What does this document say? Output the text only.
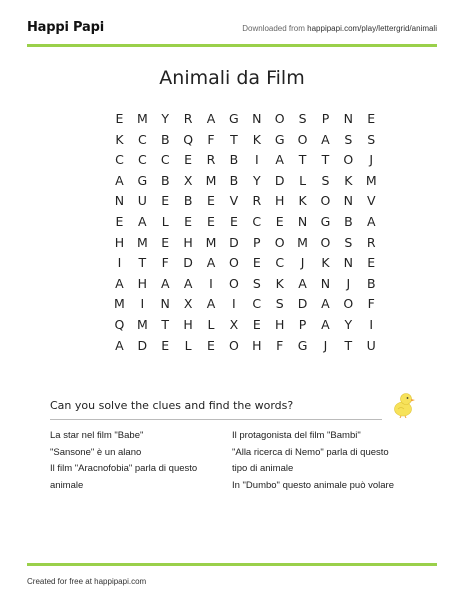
Happi Papi	Downloaded from happipapi.com/play/lettergrid/animali
Animali da Film
E	M	Y	R	A	G	N	O	S	P	N	E
K	C	B	Q	F	T	K	G	O	A	S	S
C	C	C	E	R	B	I	A	T	T	O	J
A	G	B	X	M	B	Y	D	L	S	K	M
N	U	E	B	E	V	R	H	K	O	N	V
E	A	L	E	E	E	C	E	N	G	B	A
H	M	E	H	M	D	P	O	M	O	S	R
I	T	F	D	A	O	E	C	J	K	N	E
A	H	A	A	I	O	S	K	A	N	J	B
M	I	N	X	A	I	C	S	D	A	O	F
Q	M	T	H	L	X	E	H	P	A	Y	I
A	D	E	L	E	O	H	F	G	J	T	U
Can you solve the clues and find the words?
La star nel film "Babe"
"Sansone" è un alano
Il film "Aracnofobia" parla di questo
animale
Il protagonista del film "Bambi"
"Alla ricerca di Nemo" parla di questo
tipo di animale
In "Dumbo" questo animale può volare
Created for free at happipapi.com
